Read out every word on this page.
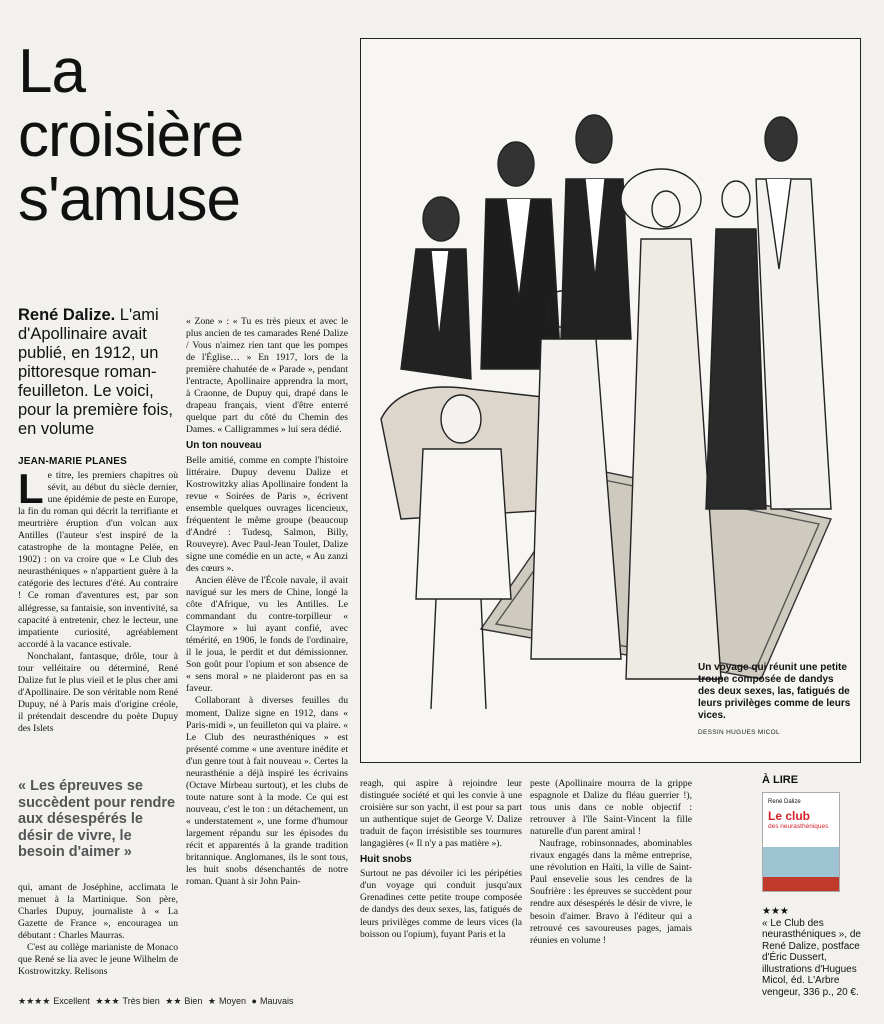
La
croisière
s'amuse
René Dalize. L'ami d'Apollinaire avait publié, en 1912, un pittoresque roman-feuilleton. Le voici, pour la première fois, en volume
JEAN-MARIE PLANES

Le titre, les premiers chapitres où sévit, au début du siècle dernier, une épidémie de peste en Europe, la fin du roman qui décrit la terrifiante et meurtrière éruption d'un volcan aux Antilles (l'auteur s'est inspiré de la catastrophe de la montagne Pelée, en 1902) : on va croire que « Le Club des neurasthéniques » n'appartient guère à la catégorie des lectures d'été. Au contraire ! Ce roman d'aventures est, par son allégresse, sa fantaisie, son inventivité, sa capacité à entretenir, chez le lecteur, une impatiente curiosité, agréablement accordé à la vacance estivale.

Nonchalant, fantasque, drôle, tour à tour velléitaire ou déterminé, René Dalize fut le plus vieil et le plus cher ami d'Apollinaire. De son véritable nom René Dupuy, né à Paris mais d'origine créole, il prétendait descendre du poète Dupuy des Islets

« Les épreuves se succèdent pour rendre aux désespérés le désir de vivre, le besoin d'aimer »

qui, amant de Joséphine, acclimata le menuet à la Martinique. Son père, Charles Dupuy, journaliste à « La Gazette de France », encouragea un débutant : Charles Maurras.

C'est au collège marianiste de Monaco que René se lia avec le jeune Wilhelm de Kostrowitzky. Relisons

« Zone » : « Tu es très pieux et avec le plus ancien de tes camarades René Dalize / Vous n'aimez rien tant que les pompes de l'Église… » En 1917, lors de la première chahutée de « Parade », pendant l'entracte, Apollinaire apprendra la mort, à Craonne, de Dupuy qui, drapé dans le drapeau français, vient d'être enterré quelque part du côté du Chemin des Dames. « Calligrammes » lui sera dédié.

Un ton nouveau

Belle amitié, comme en compte l'histoire littéraire. Dupuy devenu Dalize et Kostrowitzky alias Apollinaire fondent la revue « Soirées de Paris », écrivent ensemble quelques ouvrages licencieux, fréquentent le même groupe (beaucoup d'André : Tudesq, Salmon, Billy, Rouveyre). Avec Paul-Jean Toulet, Dalize signe une comédie en un acte, « Au zanzi des cœurs ».

Ancien élève de l'École navale, il avait navigué sur les mers de Chine, longé la côte d'Afrique, vu les Antilles. Le commandant du contre-torpilleur « Claymore » lui ayant confié, avec témérité, en 1906, le fonds de l'ordinaire, il le joua, le perdit et dut démissionner. Son goût pour l'opium et son absence de « sens moral » ne plaideront pas en sa faveur.

Collaborant à diverses feuilles du moment, Dalize signe en 1912, dans « Paris-midi », un feuilleton qui va plaire. « Le Club des neurasthéniques » est présenté comme « une aventure inédite et d'un genre tout à fait nouveau ». Certes la neurasthénie a déjà inspiré les écrivains (Octave Mirbeau surtout), et les clubs de toute nature sont à la mode. Ce qui est nouveau, c'est le ton : un détachement, un « understatement », une forme d'humour largement répandu sur les épisodes du récit et apparentés à la grande tradition britannique. Anglomanes, ils le sont tous, les huit snobs désenchantés de notre roman. Quant à sir John Pain-

Un voyage qui réunit une petite troupe composée de dandys des deux sexes, las, fatigués de leurs privilèges comme de leurs vices.
DESSIN HUGUES MICOL

reagh, qui aspire à rejoindre leur distinguée société et qui les convie à une croisière sur son yacht, il est pour sa part un authentique sujet de George V. Dalize traduit de façon irrésistible ses tournures langagières (« Il n'y a pas matière »).

Huit snobs

Surtout ne pas dévoiler ici les péripéties d'un voyage qui conduit jusqu'aux Grenadines cette petite troupe composée de dandys des deux sexes, las, fatigués de leurs privilèges comme de leurs vices (la boisson ou l'opium), fuyant Paris et la

peste (Apollinaire mourra de la grippe espagnole et Dalize du fléau guerrier !), tous unis dans ce noble objectif : retrouver à l'île Saint-Vincent la fille naturelle d'un parent amiral !

Naufrage, robinsonnades, abominables rivaux engagés dans la même entreprise, une révolution en Haïti, la ville de Saint-Paul ensevelie sous les cendres de la Soufrière : les épreuves se succèdent pour rendre aux désespérés le désir de vivre, le besoin d'aimer. Bravo à l'éditeur qui a retrouvé ces savoureuses pages, jamais réunies en volume !

À LIRE
René Dalize
Le club
des neurasthéniques
★★★
« Le Club des neurasthéniques », de René Dalize, postface d'Éric Dussert, illustrations d'Hugues Micol, éd. L'Arbre vengeur, 336 p., 20 €.
★★★★ Excellent ★★★ Très bien ★★ Bien ★ Moyen ● Mauvais
